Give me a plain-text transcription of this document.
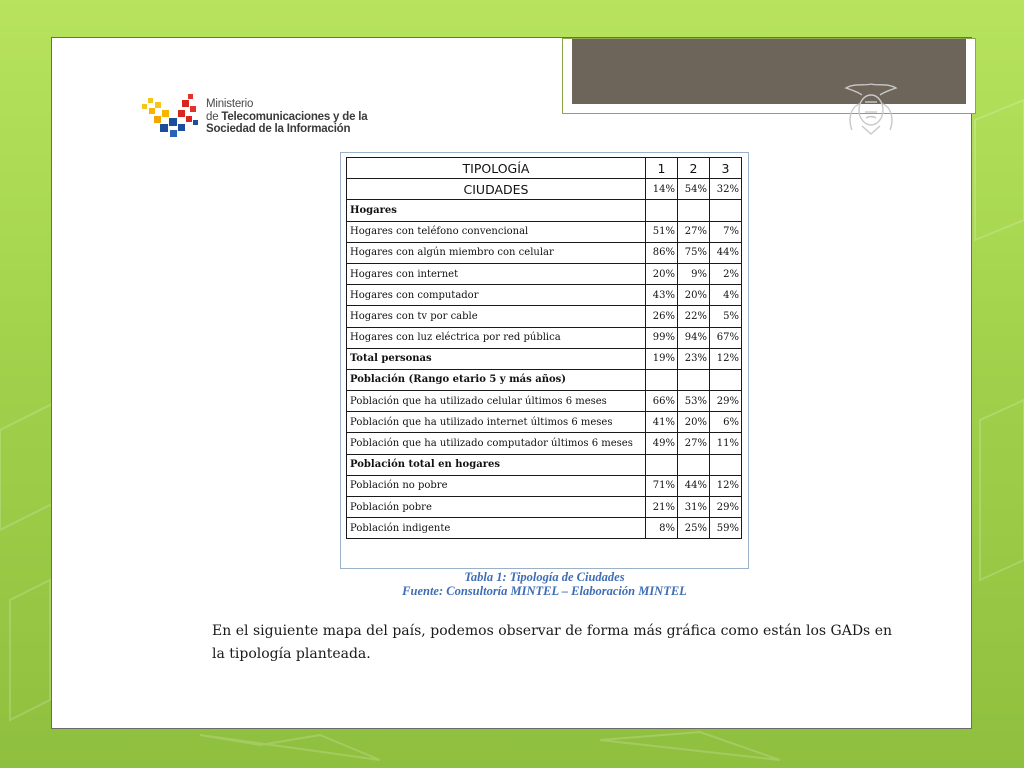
Ministerio
de Telecomunicaciones y de la
Sociedad de la Información
TIPOLOGÍA	1	2	3
CIUDADES	14%	54%	32%
Hogares			
Hogares con teléfono convencional	51%	27%	7%
Hogares con algún miembro con celular	86%	75%	44%
Hogares con internet	20%	9%	2%
Hogares con computador	43%	20%	4%
Hogares con tv por cable	26%	22%	5%
Hogares con luz eléctrica por red pública	99%	94%	67%
Total personas	19%	23%	12%
Población (Rango etario 5 y más años)			
Población que ha utilizado celular últimos 6 meses	66%	53%	29%
Población que ha utilizado internet últimos 6 meses	41%	20%	6%
Población que ha utilizado computador últimos 6 meses	49%	27%	11%
Población total en hogares			
Población no pobre	71%	44%	12%
Población pobre	21%	31%	29%
Población indigente	8%	25%	59%
Tabla 1: Tipología de Ciudades
Fuente: Consultoría MINTEL – Elaboración MINTEL
En el siguiente mapa del país, podemos observar de forma más gráfica como están los GADs en la tipología planteada.
